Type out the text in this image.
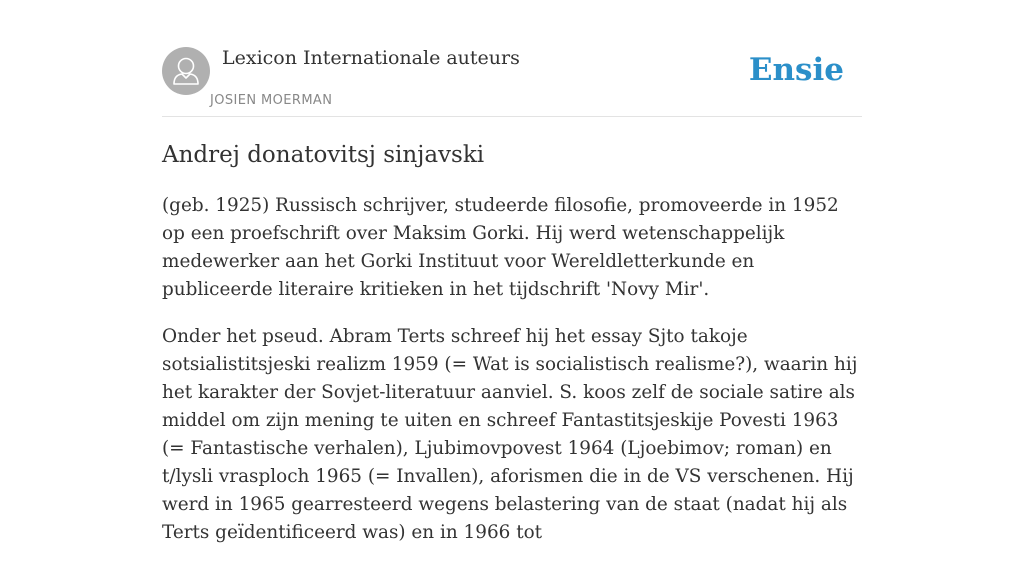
Lexicon Internationale auteurs
JOSIEN MOERMAN
Ensie
Andrej donatovitsj sinjavski

(geb. 1925) Russisch schrijver, studeerde filosofie, promoveerde in 1952 op een proefschrift over Maksim Gorki. Hij werd wetenschappelijk medewerker aan het Gorki Instituut voor Wereldletterkunde en publiceerde literaire kritieken in het tijdschrift 'Novy Mir'.

Onder het pseud. Abram Terts schreef hij het essay Sjto takoje sotsialistitsjeski realizm 1959 (= Wat is socialistisch realisme?), waarin hij het karakter der Sovjet-literatuur aanviel. S. koos zelf de sociale satire als middel om zijn mening te uiten en schreef Fantastitsjeskije Povesti 1963 (= Fantastische verhalen), Ljubimovpovest 1964 (Ljoebimov; roman) en t/lysli vrasploch 1965 (= Invallen), aforismen die in de VS verschenen. Hij werd in 1965 gearresteerd wegens belastering van de staat (nadat hij als Terts geïdentificeerd was) en in 1966 tot
